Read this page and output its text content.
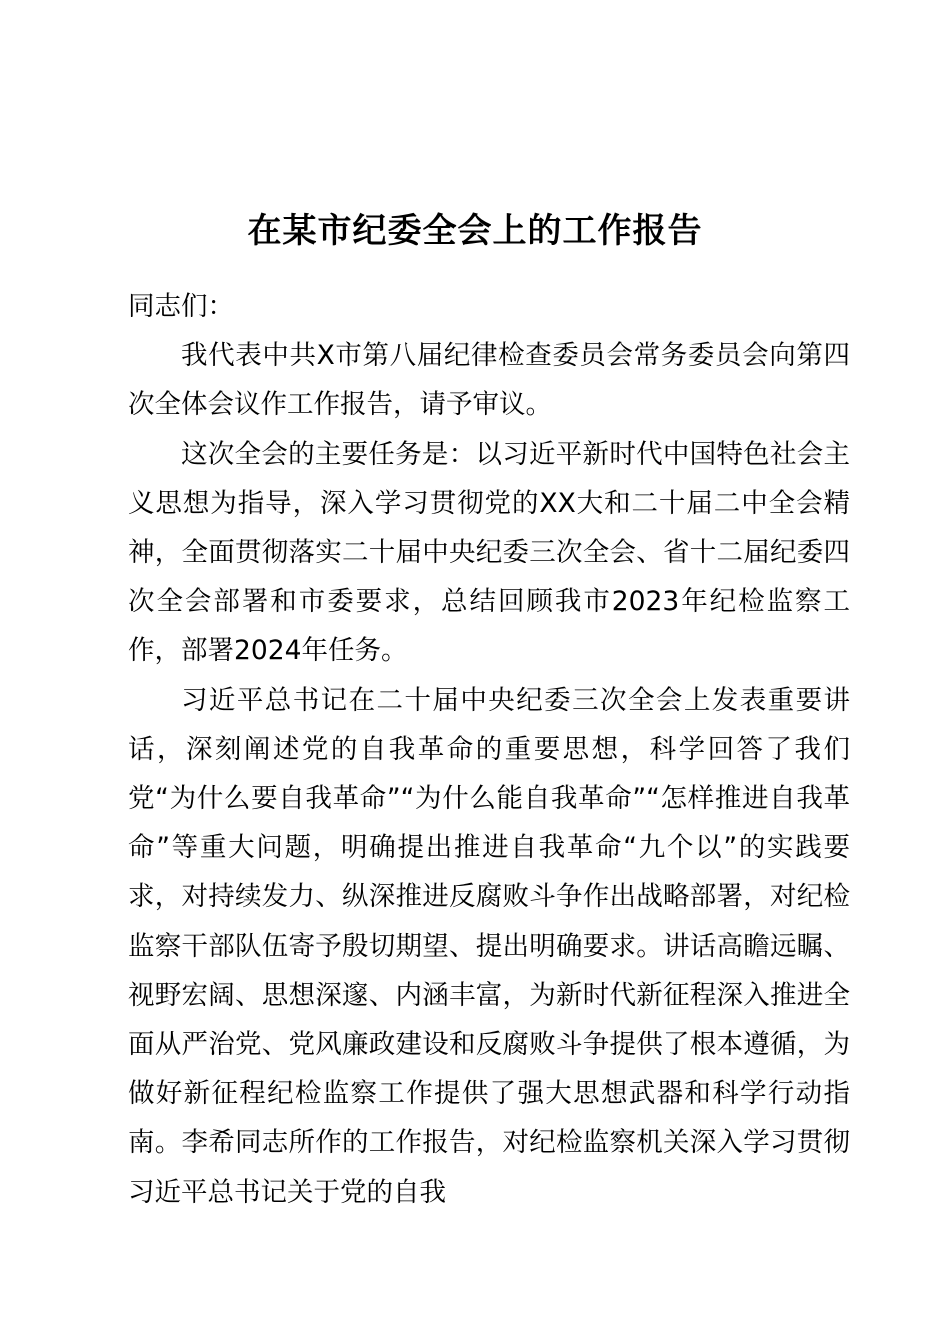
在某市纪委全会上的工作报告

同志们：

我代表中共X市第八届纪律检查委员会常务委员会向第四次全体会议作工作报告，请予审议。

这次全会的主要任务是：以习近平新时代中国特色社会主义思想为指导，深入学习贯彻党的XX大和二十届二中全会精神，全面贯彻落实二十届中央纪委三次全会、省十二届纪委四次全会部署和市委要求，总结回顾我市2023年纪检监察工作，部署2024年任务。

习近平总书记在二十届中央纪委三次全会上发表重要讲话，深刻阐述党的自我革命的重要思想，科学回答了我们党“为什么要自我革命”“为什么能自我革命”“怎样推进自我革命”等重大问题，明确提出推进自我革命“九个以”的实践要求，对持续发力、纵深推进反腐败斗争作出战略部署，对纪检监察干部队伍寄予殷切期望、提出明确要求。讲话高瞻远瞩、视野宏阔、思想深邃、内涵丰富，为新时代新征程深入推进全面从严治党、党风廉政建设和反腐败斗争提供了根本遵循，为做好新征程纪检监察工作提供了强大思想武器和科学行动指南。李希同志所作的工作报告，对纪检监察机关深入学习贯彻习近平总书记关于党的自我
